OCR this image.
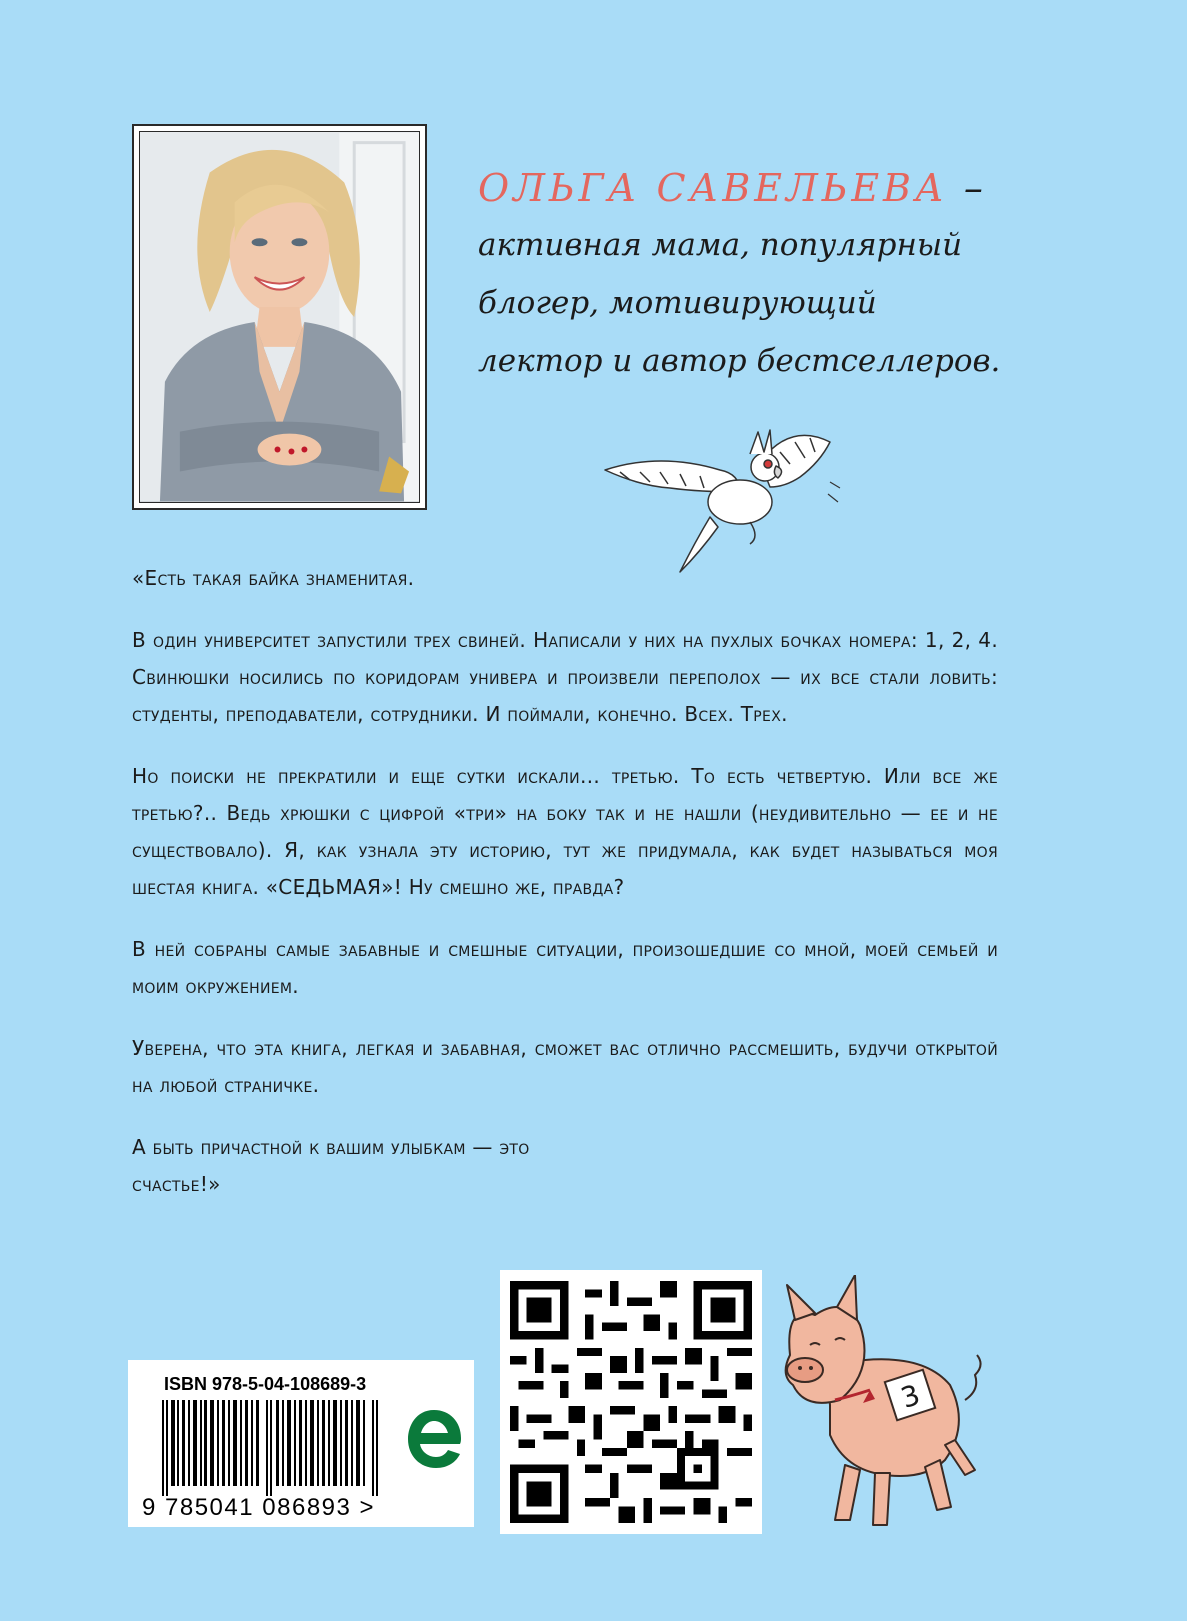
ОЛЬГА САВЕЛЬЕВА –
активная мама, популярный
блогер, мотивирующий
лектор и автор бестселлеров.

«Есть такая байка знаменитая.

В один университет запустили трех свиней. Написали у них на пухлых бочках номера: 1, 2, 4. Свинюшки носились по коридорам универа и произвели переполох — их все стали ловить: студенты, преподаватели, сотрудники. И поймали, конечно. Всех. Трех.

Но поиски не прекратили и еще сутки искали… третью. То есть четвертую. Или все же третью?.. Ведь хрюшки с цифрой «три» на боку так и не нашли (неудивительно — ее и не существовало). Я, как узнала эту историю, тут же придумала, как будет называться моя шестая книга. «СЕДЬМАЯ»! Ну смешно же, правда?

В ней собраны самые забавные и смешные ситуации, произошедшие со мной, моей семьей и моим окружением.

Уверена, что эта книга, легкая и забавная, сможет вас отлично рассмешить, будучи открытой на любой страничке.

А быть причастной к вашим улыбкам — это счастье!»

ISBN 978-5-04-108689-3
9 785041 086893 >
3
